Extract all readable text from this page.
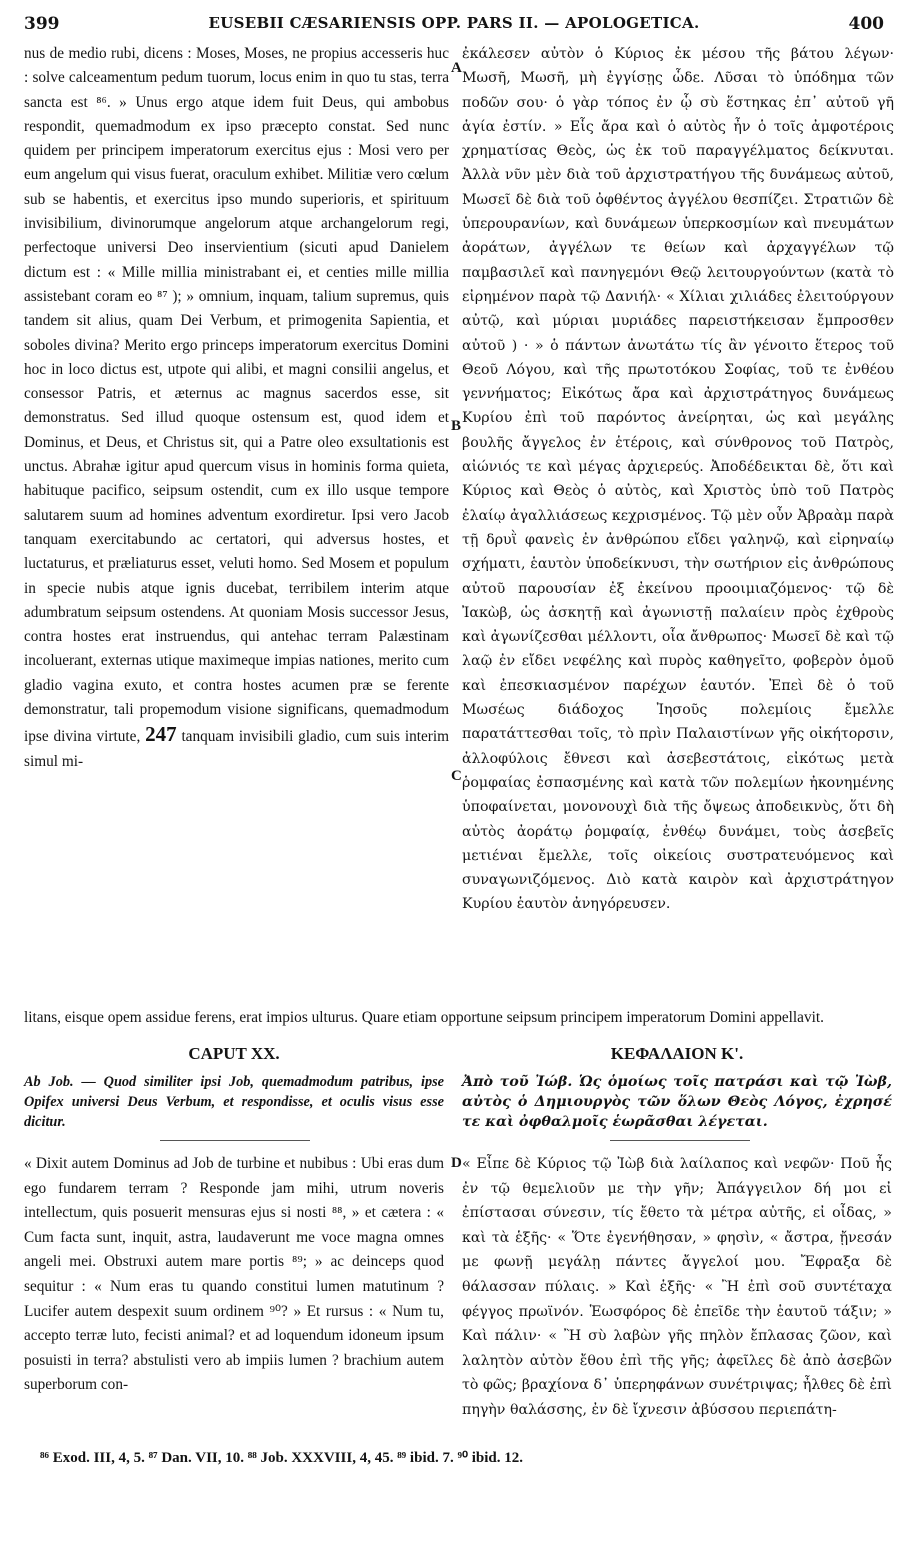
399	EUSEBII CÆSARIENSIS OPP. PARS II. — APOLOGETICA.	400

nus de medio rubi, dicens : Moses, Moses, ne propius accesseris huc : solve calceamentum pedum tuorum, locus enim in quo tu stas, terra sancta est ⁸⁶. » Unus ergo atque idem fuit Deus, qui ambobus respondit, quemadmodum ex ipso præcepto constat. Sed nunc quidem per principem imperatorum exercitus ejus : Mosi vero per eum angelum qui visus fuerat, oraculum exhibet. Militiæ vero cœlum sub se habentis, et exercitus ipso mundo superioris, et spirituum invisibilium, divinorumque angelorum atque archangelorum regi, perfectoque universi Deo inservientium (sicuti apud Danielem dictum est : « Mille millia ministrabant ei, et centies mille millia assistebant coram eo ⁸⁷ ); » omnium, inquam, talium supremus, quis tandem sit alius, quam Dei Verbum, et primogenita Sapientia, et soboles divina? Merito ergo princeps imperatorum exercitus Domini hoc in loco dictus est, utpote qui alibi, et magni consilii angelus, et consessor Patris, et æternus ac magnus sacerdos esse, sit demonstratus. Sed illud quoque ostensum est, quod idem et Dominus, et Deus, et Christus sit, qui a Patre oleo exsultationis est unctus. Abrahæ igitur apud quercum visus in hominis forma quieta, habituque pacifico, seipsum ostendit, cum ex illo usque tempore salutarem suum ad homines adventum exordiretur. Ipsi vero Jacob tanquam exercitabundo ac certatori, qui adversus hostes, et luctaturus, et præliaturus esset, veluti homo. Sed Mosem et populum in specie nubis atque ignis ducebat, terribilem interim atque adumbratum seipsum ostendens. At quoniam Mosis successor Jesus, contra hostes erat instruendus, qui antehac terram Palæstinam incoluerant, externas utique maximeque impias nationes, merito cum gladio vagina exuto, et contra hostes acumen præ se ferente demonstratur, tali propemodum visione significans, quemadmodum ipse divina virtute, 247 tanquam invisibili gladio, cum suis interim simul mi-

A
B
C
D

ἐκάλεσεν αὐτὸν ὁ Κύριος ἐκ μέσου τῆς βάτου λέγων· Μωσῆ, Μωσῆ, μὴ ἐγγίσῃς ὧδε. Λῦσαι τὸ ὑπόδημα τῶν ποδῶν σου· ὁ γὰρ τόπος ἐν ᾧ σὺ ἕστηκας ἐπ᾽ αὐτοῦ γῆ ἁγία ἐστίν. » Εἷς ἄρα καὶ ὁ αὐτὸς ἦν ὁ τοῖς ἀμφοτέροις χρηματίσας Θεὸς, ὡς ἐκ τοῦ παραγγέλματος δείκνυται. Ἀλλὰ νῦν μὲν διὰ τοῦ ἀρχιστρατήγου τῆς δυνάμεως αὐτοῦ, Μωσεῖ δὲ διὰ τοῦ ὀφθέντος ἀγγέλου θεσπίζει. Στρατιῶν δὲ ὑπερουρανίων, καὶ δυνάμεων ὑπερκοσμίων καὶ πνευμάτων ἀοράτων, ἀγγέλων τε θείων καὶ ἀρχαγγέλων τῷ παμβασιλεῖ καὶ πανηγεμόνι Θεῷ λειτουργούντων (κατὰ τὸ εἰρημένον παρὰ τῷ Δανιήλ· « Χίλιαι χιλιάδες ἐλειτούργουν αὐτῷ, καὶ μύριαι μυριάδες παρειστήκεισαν ἔμπροσθεν αὐτοῦ ) · » ὁ πάντων ἀνωτάτω τίς ἂν γένοιτο ἕτερος τοῦ Θεοῦ Λόγου, καὶ τῆς πρωτοτόκου Σοφίας, τοῦ τε ἐνθέου γεννήματος; Εἰκότως ἄρα καὶ ἀρχιστράτηγος δυνάμεως Κυρίου ἐπὶ τοῦ παρόντος ἀνείρηται, ὡς καὶ μεγάλης βουλῆς ἄγγελος ἐν ἑτέροις, καὶ σύνθρονος τοῦ Πατρὸς, αἰώνιός τε καὶ μέγας ἀρχιερεύς. Ἀποδέδεικται δὲ, ὅτι καὶ Κύριος καὶ Θεὸς ὁ αὐτὸς, καὶ Χριστὸς ὑπὸ τοῦ Πατρὸς ἐλαίῳ ἀγαλλιάσεως κεχρισμένος. Τῷ μὲν οὖν Ἀβραὰμ παρὰ τῇ δρυῒ φανεὶς ἐν ἀνθρώπου εἴδει γαληνῷ, καὶ εἰρηναίῳ σχήματι, ἑαυτὸν ὑποδείκνυσι, τὴν σωτήριον εἰς ἀνθρώπους αὐτοῦ παρουσίαν ἐξ ἐκείνου προοιμιαζόμενος· τῷ δὲ Ἰακὼβ, ὡς ἀσκητῇ καὶ ἀγωνιστῇ παλαίειν πρὸς ἐχθροὺς καὶ ἀγωνίζεσθαι μέλλοντι, οἷα ἄνθρωπος· Μωσεῖ δὲ καὶ τῷ λαῷ ἐν εἴδει νεφέλης καὶ πυρὸς καθηγεῖτο, φοβερὸν ὁμοῦ καὶ ἐπεσκιασμένον παρέχων ἑαυτόν. Ἐπεὶ δὲ ὁ τοῦ Μωσέως διάδοχος Ἰησοῦς πολεμίοις ἔμελλε παρατάττεσθαι τοῖς, τὸ πρὶν Παλαιστίνων γῆς οἰκήτορσιν, ἀλλοφύλοις ἔθνεσι καὶ ἀσεβεστάτοις, εἰκότως μετὰ ῥομφαίας ἐσπασμένης καὶ κατὰ τῶν πολεμίων ἠκονημένης ὑποφαίνεται, μονονουχὶ διὰ τῆς ὄψεως ἀποδεικνὺς, ὅτι δὴ αὐτὸς ἀοράτῳ ῥομφαίᾳ, ἐνθέῳ δυνάμει, τοὺς ἀσεβεῖς μετιέναι ἔμελλε, τοῖς οἰκείοις συστρατευόμενος καὶ συναγωνιζόμενος. Διὸ κατὰ καιρὸν καὶ ἀρχιστράτηγον Κυρίου ἑαυτὸν ἀνηγόρευσεν.

litans, eisque opem assidue ferens, erat impios ulturus. Quare etiam opportune seipsum principem imperatorum Domini appellavit.
CAPUT XX.	ΚΕΦΑΛΑΙΟΝ Κ'.
Ab Job. — Quod similiter ipsi Job, quemadmodum patribus, ipse Opifex universi Deus Verbum, et respondisse, et oculis visus esse dicitur.
Ἀπὸ τοῦ Ἰώβ. Ὡς ὁμοίως τοῖς πατράσι καὶ τῷ Ἰὼβ, αὐτὸς ὁ Δημιουργὸς τῶν ὅλων Θεὸς Λόγος, ἐχρησέ τε καὶ ὀφθαλμοῖς ἑωρᾶσθαι λέγεται.
« Dixit autem Dominus ad Job de turbine et nubibus : Ubi eras dum ego fundarem terram ? Responde jam mihi, utrum noveris intellectum, quis posuerit mensuras ejus si nosti ⁸⁸, » et cætera : « Cum facta sunt, inquit, astra, laudaverunt me voce magna omnes angeli mei. Obstruxi autem mare portis ⁸⁹; » ac deinceps quod sequitur : « Num eras tu quando constitui lumen matutinum ? Lucifer autem despexit suum ordinem ⁹⁰? » Et rursus : « Num tu, accepto terræ luto, fecisti animal? et ad loquendum idoneum ipsum posuisti in terra? abstulisti vero ab impiis lumen ? brachium autem superborum con-
« Εἶπε δὲ Κύριος τῷ Ἰὼβ διὰ λαίλαπος καὶ νεφῶν· Ποῦ ἦς ἐν τῷ θεμελιοῦν με τὴν γῆν; Ἀπάγγειλον δή μοι εἰ ἐπίστασαι σύνεσιν, τίς ἔθετο τὰ μέτρα αὐτῆς, εἰ οἶδας, » καὶ τὰ ἑξῆς· « Ὅτε ἐγενήθησαν, » φησὶν, « ἄστρα, ᾔνεσάν με φωνῇ μεγάλῃ πάντες ἄγγελοί μου. Ἔφραξα δὲ θάλασσαν πύλαις. » Καὶ ἑξῆς· « Ἢ ἐπὶ σοῦ συντέταχα φέγγος πρωϊνόν. Ἑωσφόρος δὲ ἐπεῖδε τὴν ἑαυτοῦ τάξιν; » Καὶ πάλιν· « Ἢ σὺ λαβὼν γῆς πηλὸν ἔπλασας ζῶον, καὶ λαλητὸν αὐτὸν ἔθου ἐπὶ τῆς γῆς; ἀφεῖλες δὲ ἀπὸ ἀσεβῶν τὸ φῶς; βραχίονα δ᾽ ὑπερηφάνων συνέτριψας; ἦλθες δὲ ἐπὶ πηγὴν θαλάσσης, ἐν δὲ ἴχνεσιν ἀβύσσου περιεπάτη-
⁸⁶ Exod. III, 4, 5. ⁸⁷ Dan. VII, 10. ⁸⁸ Job. XXXVIII, 4, 45. ⁸⁹ ibid. 7. ⁹⁰ ibid. 12.
